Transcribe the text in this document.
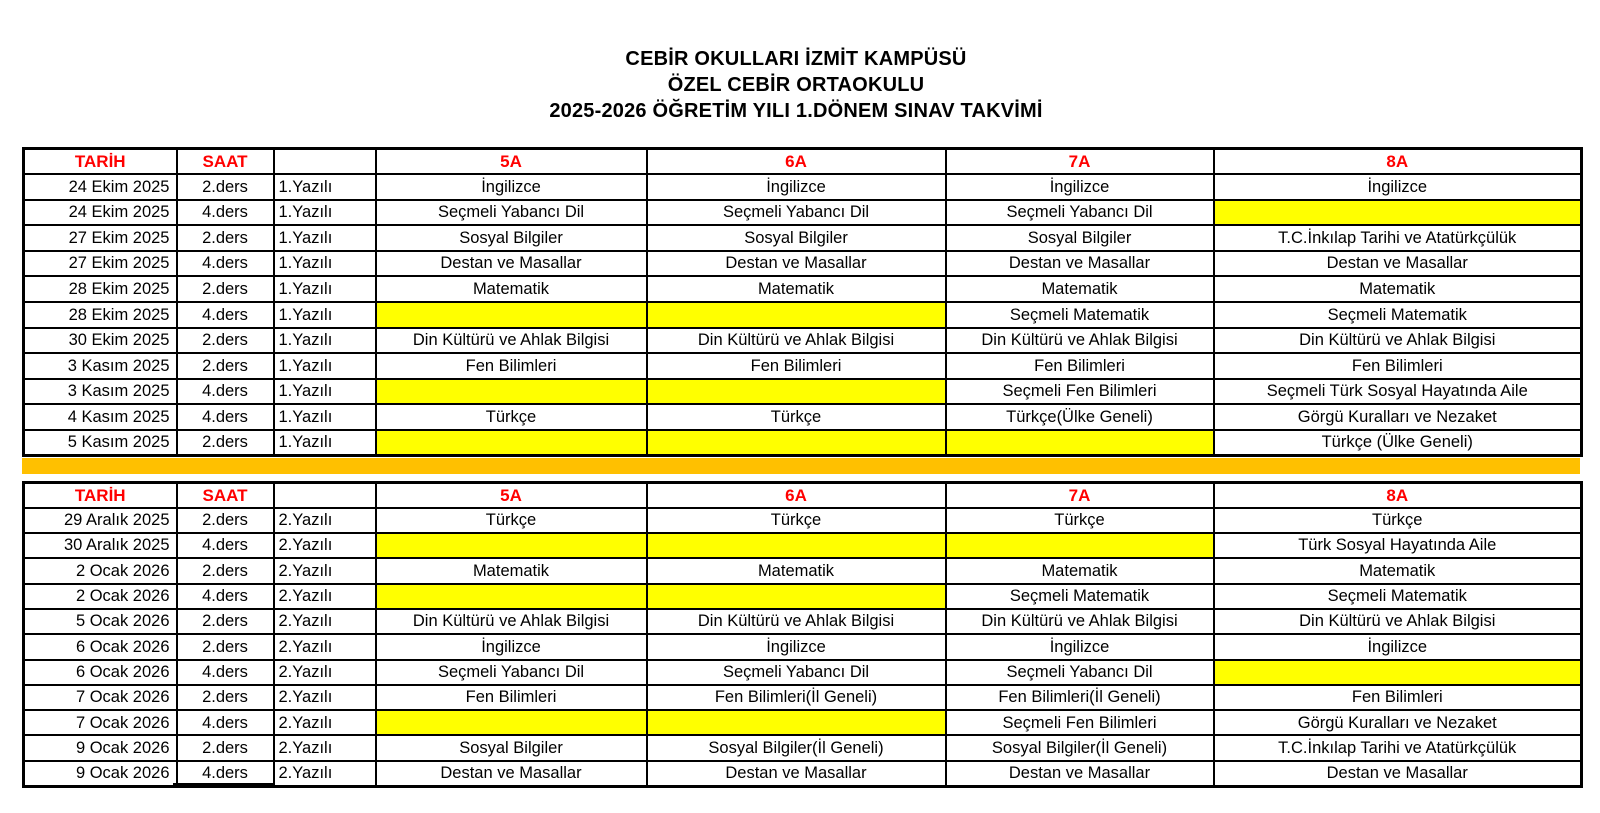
CEBİR OKULLARI İZMİT KAMPÜSÜ
ÖZEL CEBİR ORTAOKULU
2025-2026 ÖĞRETİM YILI 1.DÖNEM SINAV TAKVİMİ
TARİH	SAAT		5A	6A	7A	8A
24 Ekim 2025	2.ders	1.Yazılı	İngilizce	İngilizce	İngilizce	İngilizce
24 Ekim 2025	4.ders	1.Yazılı	Seçmeli Yabancı Dil	Seçmeli Yabancı Dil	Seçmeli Yabancı Dil	
27 Ekim 2025	2.ders	1.Yazılı	Sosyal Bilgiler	Sosyal Bilgiler	Sosyal Bilgiler	T.C.İnkılap Tarihi ve Atatürkçülük
27 Ekim 2025	4.ders	1.Yazılı	Destan ve Masallar	Destan ve Masallar	Destan ve Masallar	Destan ve Masallar
28 Ekim 2025	2.ders	1.Yazılı	Matematik	Matematik	Matematik	Matematik
28 Ekim 2025	4.ders	1.Yazılı			Seçmeli Matematik	Seçmeli Matematik
30 Ekim 2025	2.ders	1.Yazılı	Din Kültürü ve Ahlak Bilgisi	Din Kültürü ve Ahlak Bilgisi	Din Kültürü ve Ahlak Bilgisi	Din Kültürü ve Ahlak Bilgisi
3 Kasım 2025	2.ders	1.Yazılı	Fen Bilimleri	Fen Bilimleri	Fen Bilimleri	Fen Bilimleri
3 Kasım 2025	4.ders	1.Yazılı			Seçmeli Fen Bilimleri	Seçmeli Türk Sosyal Hayatında Aile
4 Kasım 2025	4.ders	1.Yazılı	Türkçe	Türkçe	Türkçe(Ülke Geneli)	Görgü Kuralları ve Nezaket
5 Kasım 2025	2.ders	1.Yazılı				Türkçe (Ülke Geneli)
TARİH	SAAT		5A	6A	7A	8A
29 Aralık 2025	2.ders	2.Yazılı	Türkçe	Türkçe	Türkçe	Türkçe
30 Aralık 2025	4.ders	2.Yazılı				Türk Sosyal Hayatında Aile
2 Ocak 2026	2.ders	2.Yazılı	Matematik	Matematik	Matematik	Matematik
2 Ocak 2026	4.ders	2.Yazılı			Seçmeli Matematik	Seçmeli Matematik
5 Ocak 2026	2.ders	2.Yazılı	Din Kültürü ve Ahlak Bilgisi	Din Kültürü ve Ahlak Bilgisi	Din Kültürü ve Ahlak Bilgisi	Din Kültürü ve Ahlak Bilgisi
6 Ocak 2026	2.ders	2.Yazılı	İngilizce	İngilizce	İngilizce	İngilizce
6 Ocak 2026	4.ders	2.Yazılı	Seçmeli Yabancı Dil	Seçmeli Yabancı Dil	Seçmeli Yabancı Dil	
7 Ocak 2026	2.ders	2.Yazılı	Fen Bilimleri	Fen Bilimleri(İl Geneli)	Fen Bilimleri(İl Geneli)	Fen Bilimleri
7 Ocak 2026	4.ders	2.Yazılı			Seçmeli Fen Bilimleri	Görgü Kuralları ve Nezaket
9 Ocak 2026	2.ders	2.Yazılı	Sosyal Bilgiler	Sosyal Bilgiler(İl Geneli)	Sosyal Bilgiler(İl Geneli)	T.C.İnkılap Tarihi ve Atatürkçülük
9 Ocak 2026	4.ders	2.Yazılı	Destan ve Masallar	Destan ve Masallar	Destan ve Masallar	Destan ve Masallar
